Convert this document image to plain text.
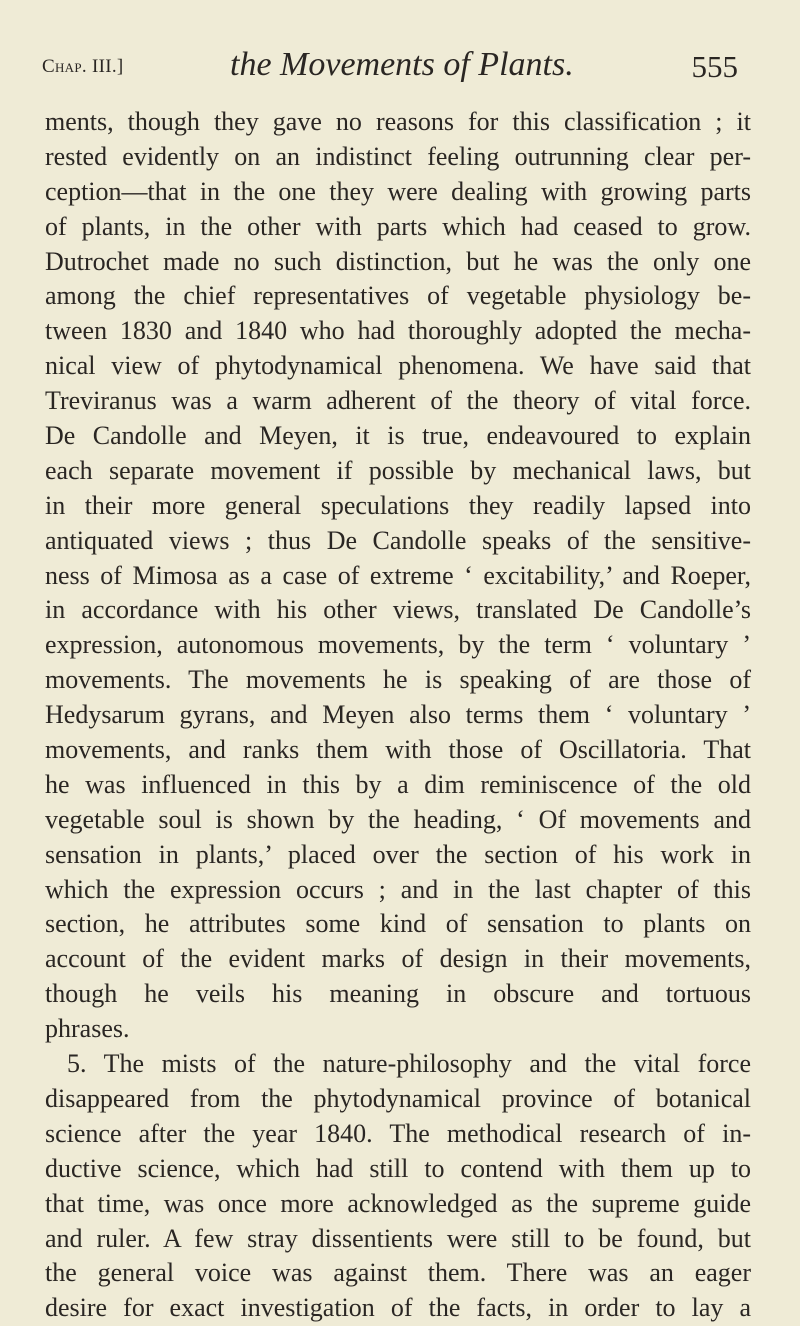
Chap. III.]	the Movements of Plants.	555
ments, though they gave no reasons for this classification ; it
rested evidently on an indistinct feeling outrunning clear per-
ception—that in the one they were dealing with growing parts
of plants, in the other with parts which had ceased to grow.
Dutrochet made no such distinction, but he was the only one
among the chief representatives of vegetable physiology be-
tween 1830 and 1840 who had thoroughly adopted the mecha-
nical view of phytodynamical phenomena. We have said that
Treviranus was a warm adherent of the theory of vital force.
De Candolle and Meyen, it is true, endeavoured to explain
each separate movement if possible by mechanical laws, but
in their more general speculations they readily lapsed into
antiquated views ; thus De Candolle speaks of the sensitive-
ness of Mimosa as a case of extreme ‘ excitability,’ and Roeper,
in accordance with his other views, translated De Candolle’s
expression, autonomous movements, by the term ‘ voluntary ’
movements. The movements he is speaking of are those of
Hedysarum gyrans, and Meyen also terms them ‘ voluntary ’
movements, and ranks them with those of Oscillatoria. That
he was influenced in this by a dim reminiscence of the old
vegetable soul is shown by the heading, ‘ Of movements and
sensation in plants,’ placed over the section of his work in
which the expression occurs ; and in the last chapter of this
section, he attributes some kind of sensation to plants on
account of the evident marks of design in their movements,
though he veils his meaning in obscure and tortuous
phrases.
5. The mists of the nature-philosophy and the vital force
disappeared from the phytodynamical province of botanical
science after the year 1840. The methodical research of in-
ductive science, which had still to contend with them up to
that time, was once more acknowledged as the supreme guide
and ruler. A few stray dissentients were still to be found, but
the general voice was against them. There was an eager
desire for exact investigation of the facts, in order to lay a
